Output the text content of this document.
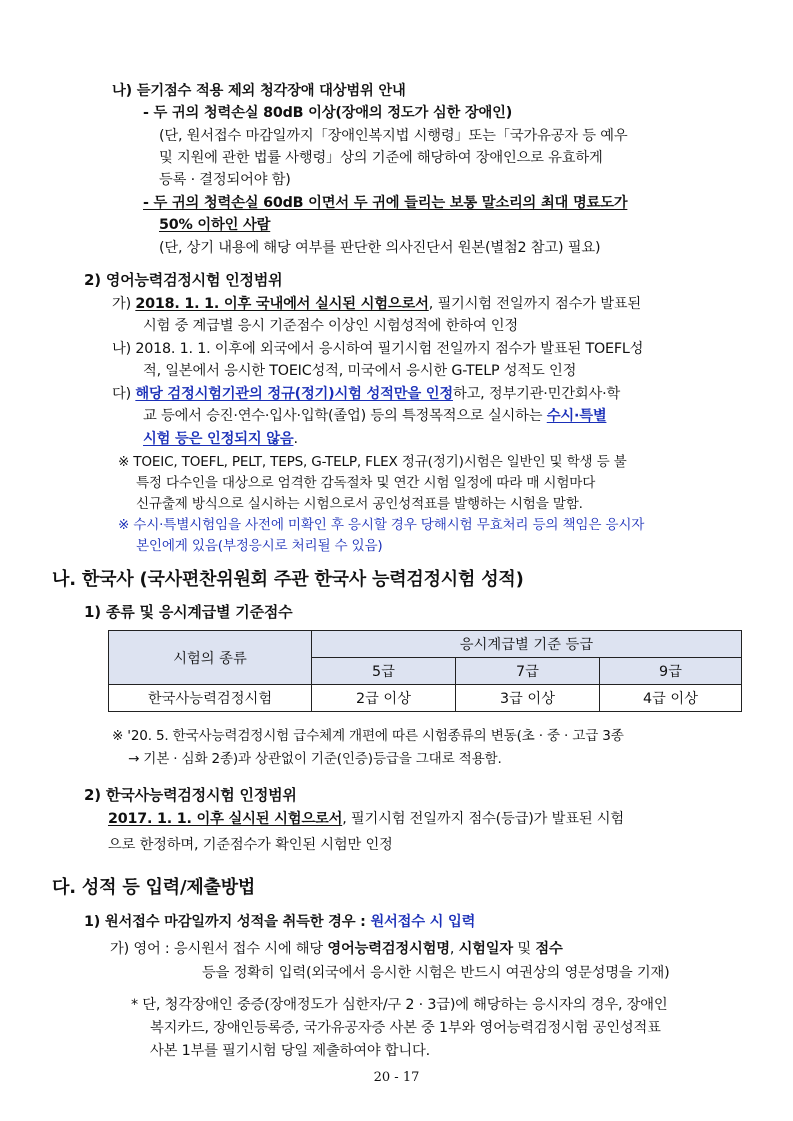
나) 듣기점수 적용 제외 청각장애 대상범위 안내
- 두 귀의 청력손실 80dB 이상(장애의 정도가 심한 장애인)
(단, 원서접수 마감일까지「장애인복지법 시행령」또는「국가유공자 등 예우
및 지원에 관한 법률 사행령」상의 기준에 해당하여 장애인으로 유효하게
등록 · 결정되어야 함)
- 두 귀의 청력손실 60dB 이면서 두 귀에 들리는 보통 말소리의 최대 명료도가
50% 이하인 사람
(단, 상기 내용에 해당 여부를 판단한 의사진단서 원본(별첨2 참고) 필요)
2) 영어능력검정시험 인정범위
가) 2018. 1. 1. 이후 국내에서 실시된 시험으로서, 필기시험 전일까지 점수가 발표된
시험 중 계급별 응시 기준점수 이상인 시험성적에 한하여 인정
나) 2018. 1. 1. 이후에 외국에서 응시하여 필기시험 전일까지 점수가 발표된 TOEFL성
적, 일본에서 응시한 TOEIC성적, 미국에서 응시한 G-TELP 성적도 인정
다) 해당 검정시험기관의 정규(정기)시험 성적만을 인정하고, 정부기관·민간회사·학
교 등에서 승진·연수·입사·입학(졸업) 등의 특정목적으로 실시하는 수시·특별
시험 등은 인정되지 않음.
※ TOEIC, TOEFL, PELT, TEPS, G-TELP, FLEX 정규(정기)시험은 일반인 및 학생 등 불
특정 다수인을 대상으로 엄격한 감독절차 및 연간 시험 일정에 따라 매 시험마다
신규출제 방식으로 실시하는 시험으로서 공인성적표를 발행하는 시험을 말함.
※ 수시·특별시험임을 사전에 미확인 후 응시할 경우 당해시험 무효처리 등의 책임은 응시자
본인에게 있음(부정응시로 처리될 수 있음)
나. 한국사 (국사편찬위원회 주관 한국사 능력검정시험 성적)
1) 종류 및 응시계급별 기준점수
시험의 종류	응시계급별 기준 등급		
	5급	7급	9급
한국사능력검정시험	2급 이상	3급 이상	4급 이상
※ '20. 5. 한국사능력검정시험 급수체계 개편에 따른 시험종류의 변동(초 · 중 · 고급 3종
→ 기본 · 심화 2종)과 상관없이 기준(인증)등급을 그대로 적용함.
2) 한국사능력검정시험 인정범위
2017. 1. 1. 이후 실시된 시험으로서, 필기시험 전일까지 점수(등급)가 발표된 시험
으로 한정하며, 기준점수가 확인된 시험만 인정
다. 성적 등 입력/제출방법
1) 원서접수 마감일까지 성적을 취득한 경우 : 원서접수 시 입력
가) 영어 : 응시원서 접수 시에 해당 영어능력검정시험명, 시험일자 및 점수
등을 정확히 입력(외국에서 응시한 시험은 반드시 여권상의 영문성명을 기재)
* 단, 청각장애인 중증(장애정도가 심한자/구 2 · 3급)에 해당하는 응시자의 경우, 장애인
복지카드, 장애인등록증, 국가유공자증 사본 중 1부와 영어능력검정시험 공인성적표
사본 1부를 필기시험 당일 제출하여야 합니다.
20 - 17
